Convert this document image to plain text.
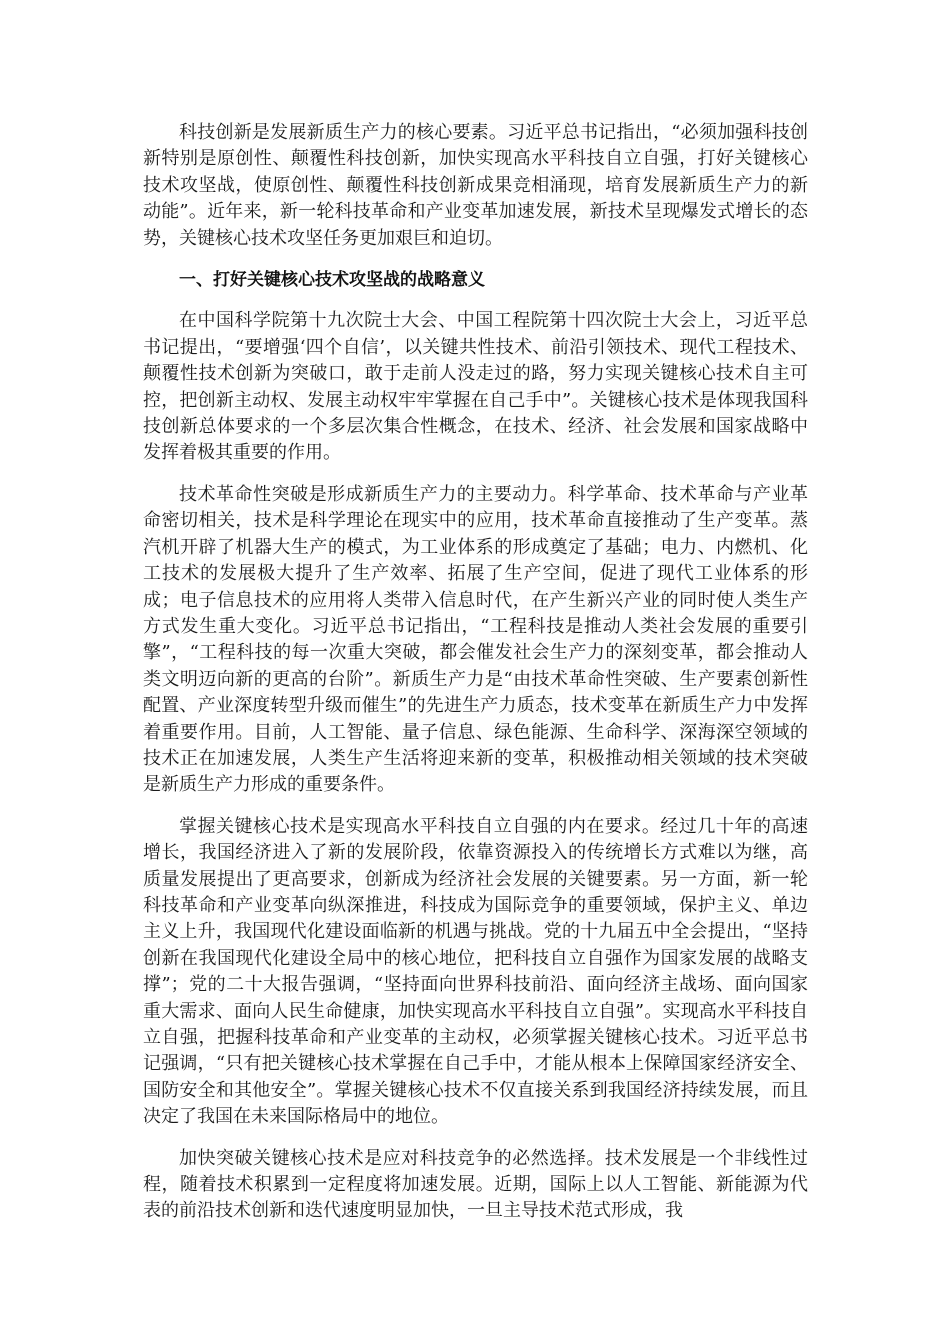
科技创新是发展新质生产力的核心要素。习近平总书记指出，“必须加强科技创新特别是原创性、颠覆性科技创新，加快实现高水平科技自立自强，打好关键核心技术攻坚战，使原创性、颠覆性科技创新成果竞相涌现，培育发展新质生产力的新动能”。近年来，新一轮科技革命和产业变革加速发展，新技术呈现爆发式增长的态势，关键核心技术攻坚任务更加艰巨和迫切。

一、打好关键核心技术攻坚战的战略意义

在中国科学院第十九次院士大会、中国工程院第十四次院士大会上，习近平总书记提出，“要增强‘四个自信’，以关键共性技术、前沿引领技术、现代工程技术、颠覆性技术创新为突破口，敢于走前人没走过的路，努力实现关键核心技术自主可控，把创新主动权、发展主动权牢牢掌握在自己手中”。关键核心技术是体现我国科技创新总体要求的一个多层次集合性概念，在技术、经济、社会发展和国家战略中发挥着极其重要的作用。

技术革命性突破是形成新质生产力的主要动力。科学革命、技术革命与产业革命密切相关，技术是科学理论在现实中的应用，技术革命直接推动了生产变革。蒸汽机开辟了机器大生产的模式，为工业体系的形成奠定了基础；电力、内燃机、化工技术的发展极大提升了生产效率、拓展了生产空间，促进了现代工业体系的形成；电子信息技术的应用将人类带入信息时代，在产生新兴产业的同时使人类生产方式发生重大变化。习近平总书记指出，“工程科技是推动人类社会发展的重要引擎”，“工程科技的每一次重大突破，都会催发社会生产力的深刻变革，都会推动人类文明迈向新的更高的台阶”。新质生产力是“由技术革命性突破、生产要素创新性配置、产业深度转型升级而催生”的先进生产力质态，技术变革在新质生产力中发挥着重要作用。目前，人工智能、量子信息、绿色能源、生命科学、深海深空领域的技术正在加速发展，人类生产生活将迎来新的变革，积极推动相关领域的技术突破是新质生产力形成的重要条件。

掌握关键核心技术是实现高水平科技自立自强的内在要求。经过几十年的高速增长，我国经济进入了新的发展阶段，依靠资源投入的传统增长方式难以为继，高质量发展提出了更高要求，创新成为经济社会发展的关键要素。另一方面，新一轮科技革命和产业变革向纵深推进，科技成为国际竞争的重要领域，保护主义、单边主义上升，我国现代化建设面临新的机遇与挑战。党的十九届五中全会提出，“坚持创新在我国现代化建设全局中的核心地位，把科技自立自强作为国家发展的战略支撑”；党的二十大报告强调，“坚持面向世界科技前沿、面向经济主战场、面向国家重大需求、面向人民生命健康，加快实现高水平科技自立自强”。实现高水平科技自立自强，把握科技革命和产业变革的主动权，必须掌握关键核心技术。习近平总书记强调，“只有把关键核心技术掌握在自己手中，才能从根本上保障国家经济安全、国防安全和其他安全”。掌握关键核心技术不仅直接关系到我国经济持续发展，而且决定了我国在未来国际格局中的地位。

加快突破关键核心技术是应对科技竞争的必然选择。技术发展是一个非线性过程，随着技术积累到一定程度将加速发展。近期，国际上以人工智能、新能源为代表的前沿技术创新和迭代速度明显加快，一旦主导技术范式形成，我
